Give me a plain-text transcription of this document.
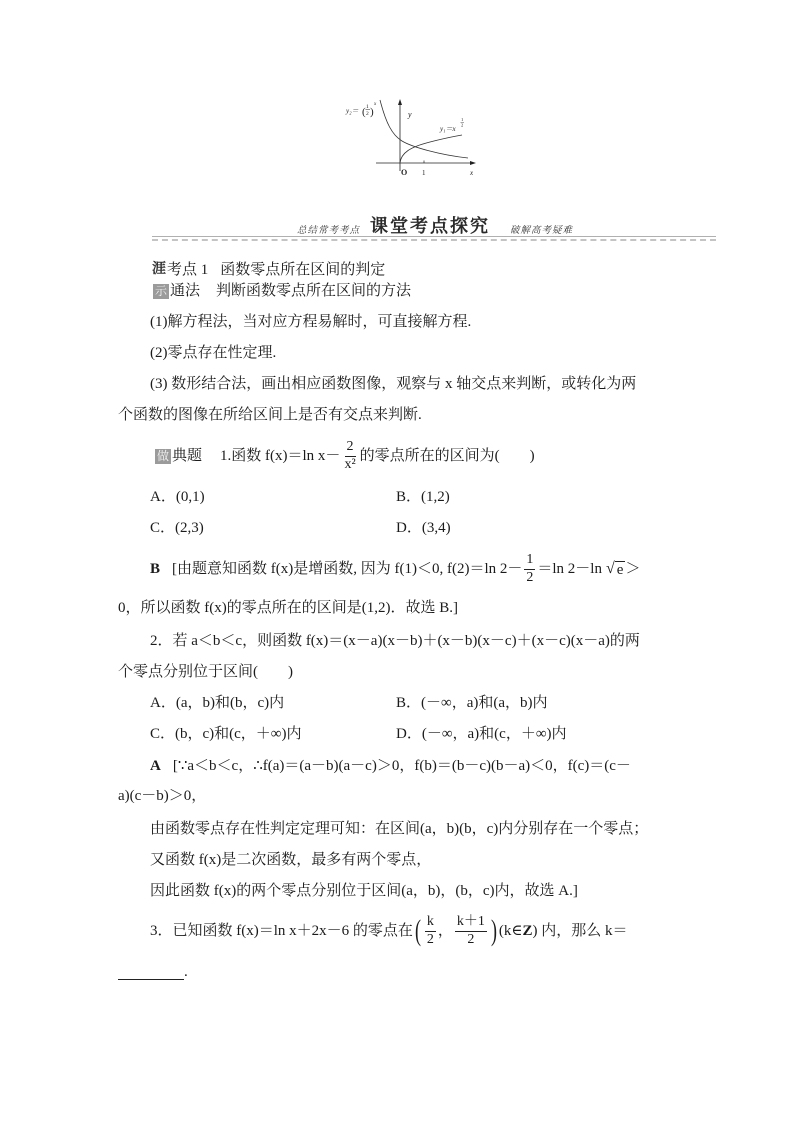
y₂＝ ( 1
2 )
x
y
y₁＝x
1
2
O 1	x
总结常考考点 课堂考点探究 破解高考疑难
涯 考点 1 函数零点所在区间的判定
示 通法 判断函数零点所在区间的方法
(1)解方程法，当对应方程易解时，可直接解方程.
(2)零点存在性定理.
(3) 数形结合法，画出相应函数图像，观察与 x 轴交点来判断，或转化为两
个函数的图像在所给区间上是否有交点来判断.
做 典题 1.函数 f(x)＝ln $x- \frac{2}{\text{x²}}$ 的零点所在的区间为(　　)
A．(0,1)	B．(1,2)
C．(2,3)	D．(3,4)
B [由题意知函数 f(x)是增函数, 因为 f(1)＜0, f(2)＝ln $2- \frac{1}{2} =\ln$ 2－ln √ e ＞
0，所以函数 f(x)的零点所在的区间是(1,2)．故选 B.]
2．若 a＜b＜c，则函数 f(x)＝(x－a)(x－b)＋(x－b)(x－c)＋(x－c)(x－a)的两
个零点分别位于区间(　　)
A．(a，b)和(b，c)内	B．(－∞，a)和(a，b)内
C．(b，c)和(c，＋∞)内	D．(－∞，a)和(c，＋∞)内
A [∵a＜b＜c，∴f(a)＝(a－b)(a－c)＞0，f(b)＝(b－c)(b－a)＜0，f(c)＝(c－
a)(c－b)＞0，
由函数零点存在性判定定理可知：在区间(a，b)(b，c)内分别存在一个零点；
又函数 f(x)是二次函数，最多有两个零点，
因此函数 f(x)的两个零点分别位于区间(a，b)，(b，c)内，故选 A.]
3．已知函数 f(x)＝ln x＋2x－6 的零点在 ( $\frac{k}{2}$ ， $\frac{k+1}{2}$ ) (k∈ Z ) 内，那么 k＝
.
